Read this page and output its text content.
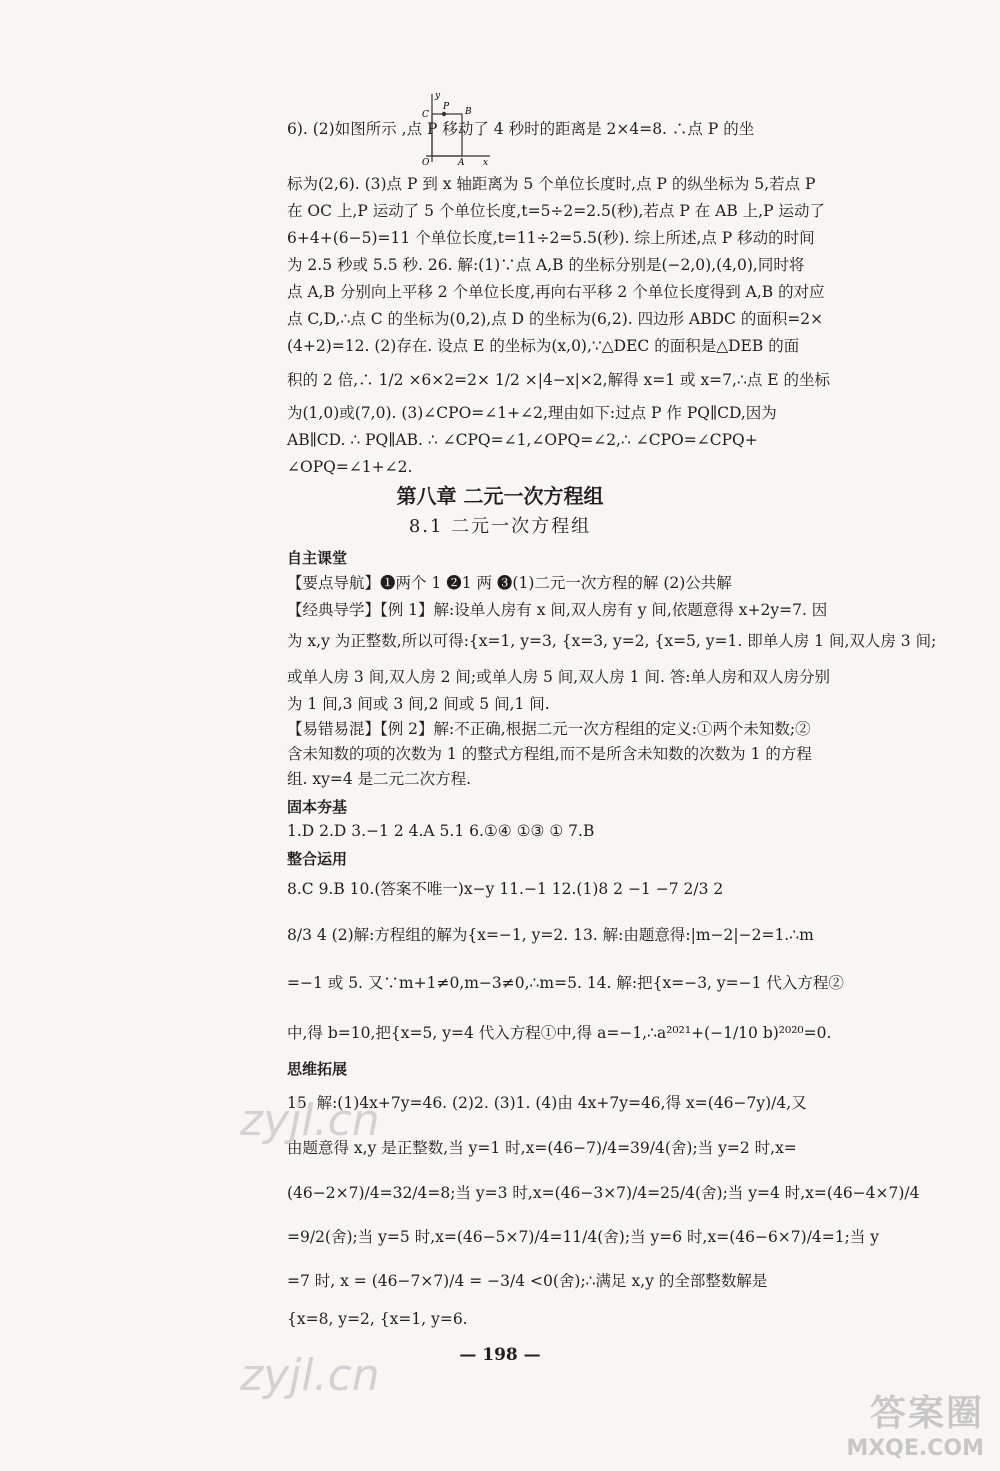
y
C
P B
O	A x
6). (2)如图所示 ,点 P 移动了 4 秒时的距离是 2×4=8. ∴点 P 的坐
标为(2,6). (3)点 P 到 x 轴距离为 5 个单位长度时,点 P 的纵坐标为 5,若点 P
在 OC 上,P 运动了 5 个单位长度,t=5÷2=2.5(秒),若点 P 在 AB 上,P 运动了
6+4+(6−5)=11 个单位长度,t=11÷2=5.5(秒). 综上所述,点 P 移动的时间
为 2.5 秒或 5.5 秒. 26. 解:(1)∵点 A,B 的坐标分别是(−2,0),(4,0),同时将
点 A,B 分别向上平移 2 个单位长度,再向右平移 2 个单位长度得到 A,B 的对应
点 C,D,∴点 C 的坐标为(0,2),点 D 的坐标为(6,2). 四边形 ABDC 的面积=2×
(4+2)=12. (2)存在. 设点 E 的坐标为(x,0),∵△DEC 的面积是△DEB 的面
积的 2 倍,∴ 1/2 ×6×2=2× 1/2 ×|4−x|×2,解得 x=1 或 x=7,∴点 E 的坐标
为(1,0)或(7,0). (3)∠CPO=∠1+∠2,理由如下:过点 P 作 PQ∥CD,因为
AB∥CD. ∴ PQ∥AB. ∴ ∠CPQ=∠1,∠OPQ=∠2,∴ ∠CPO=∠CPQ+
∠OPQ=∠1+∠2.
第八章 二元一次方程组
8.1 二元一次方程组
自主课堂
【要点导航】❶两个 1 ❷1 两 ❸(1)二元一次方程的解 (2)公共解
【经典导学】【例 1】解:设单人房有 x 间,双人房有 y 间,依题意得 x+2y=7. 因
为 x,y 为正整数,所以可得:{x=1, y=3, {x=3, y=2, {x=5, y=1. 即单人房 1 间,双人房 3 间;
或单人房 3 间,双人房 2 间;或单人房 5 间,双人房 1 间. 答:单人房和双人房分别
为 1 间,3 间或 3 间,2 间或 5 间,1 间.
【易错易混】【例 2】解:不正确,根据二元一次方程组的定义:①两个未知数;②
含未知数的项的次数为 1 的整式方程组,而不是所含未知数的次数为 1 的方程
组. xy=4 是二元二次方程.
固本夯基
1.D 2.D 3.−1 2 4.A 5.1 6.①④ ①③ ① 7.B
整合运用
8.C 9.B 10.(答案不唯一)x−y 11.−1 12.(1)8 2 −1 −7 2/3 2
8/3 4 (2)解:方程组的解为{x=−1, y=2. 13. 解:由题意得:|m−2|−2=1.∴m
=−1 或 5. 又∵m+1≠0,m−3≠0,∴m=5. 14. 解:把{x=−3, y=−1 代入方程②
中,得 b=10,把{x=5, y=4 代入方程①中,得 a=−1,∴a²⁰²¹+(−1/10 b)²⁰²⁰=0.
思维拓展
15. 解:(1)4x+7y=46. (2)2. (3)1. (4)由 4x+7y=46,得 x=(46−7y)/4,又
由题意得 x,y 是正整数,当 y=1 时,x=(46−7)/4=39/4(舍);当 y=2 时,x=
(46−2×7)/4=32/4=8;当 y=3 时,x=(46−3×7)/4=25/4(舍);当 y=4 时,x=(46−4×7)/4
=9/2(舍);当 y=5 时,x=(46−5×7)/4=11/4(舍);当 y=6 时,x=(46−6×7)/4=1;当 y
=7 时, x = (46−7×7)/4 = −3/4 <0(舍);∴满足 x,y 的全部整数解是
{x=8, y=2, {x=1, y=6.
— 198 —
zyjl.cn
zyjl.cn
答案圈
MXQE.COM
